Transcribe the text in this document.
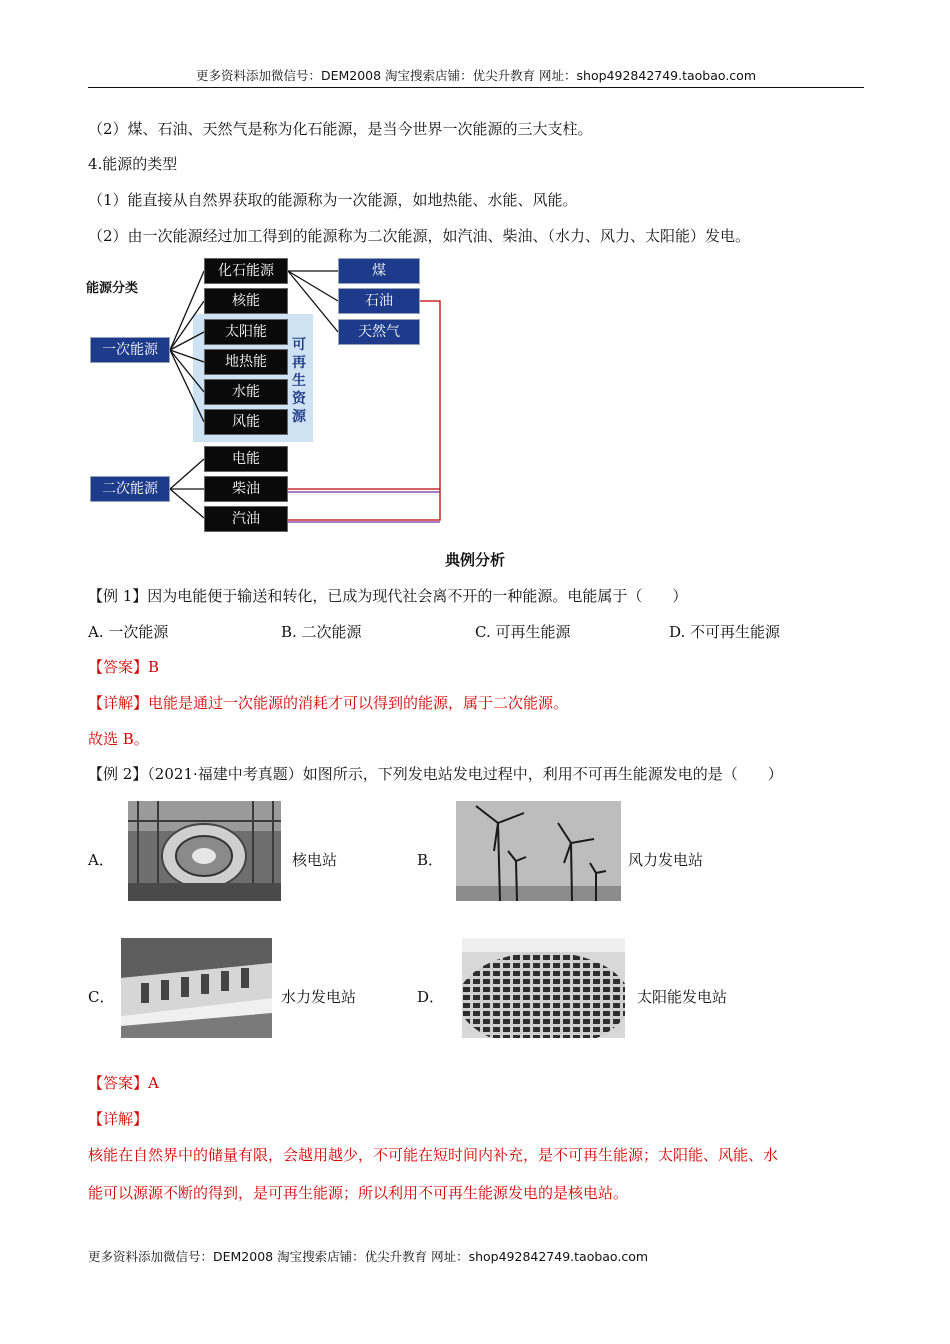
更多资料添加微信号：DEM2008 淘宝搜索店铺：优尖升教育 网址：shop492842749.taobao.com
（2）煤、石油、天然气是称为化石能源，是当今世界一次能源的三大支柱。
4.能源的类型
（1）能直接从自然界获取的能源称为一次能源，如地热能、水能、风能。
（2）由一次能源经过加工得到的能源称为二次能源，如汽油、柴油、（水力、风力、太阳能）发电。
能源分类
可再生资源
一次能源
二次能源
化石能源
核能
太阳能
地热能
水能
风能
煤
石油
天然气
电能
柴油
汽油
典例分析
【例 1】因为电能便于输送和转化，已成为现代社会离不开的一种能源。电能属于（　　）
A. 一次能源	B. 二次能源	C. 可再生能源	D. 不可再生能源
【答案】B
【详解】电能是通过一次能源的消耗才可以得到的能源，属于二次能源。
故选 B。
【例 2】（2021·福建中考真题）如图所示，下列发电站发电过程中，利用不可再生能源发电的是（　　）
A．	核电站	B．	风力发电站
C．	水力发电站	D．	太阳能发电站
【答案】A
【详解】
核能在自然界中的储量有限，会越用越少，不可能在短时间内补充，是不可再生能源；太阳能、风能、水
能可以源源不断的得到，是可再生能源；所以利用不可再生能源发电的是核电站。
更多资料添加微信号：DEM2008 淘宝搜索店铺：优尖升教育 网址：shop492842749.taobao.com
